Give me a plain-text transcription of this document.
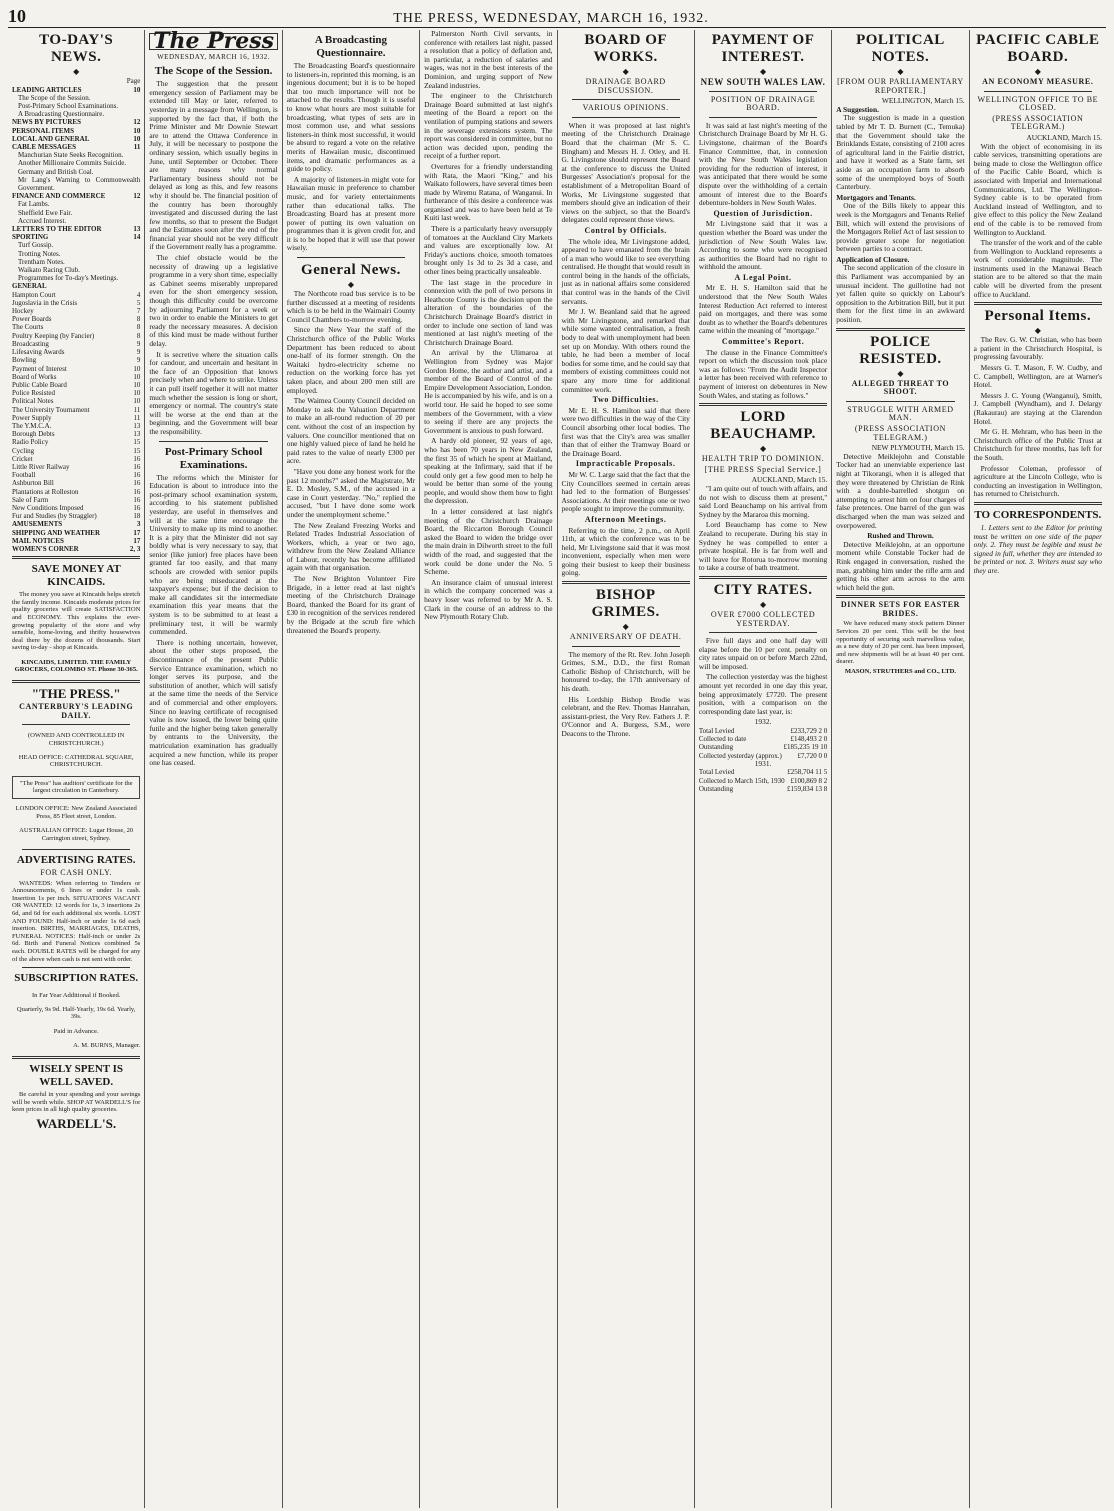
10	THE PRESS, WEDNESDAY, MARCH 16, 1932.
TO-DAY'S NEWS.
◆
Page
LEADING ARTICLES	10
The Scope of the Session.
Post-Primary School Examinations.
A Broadcasting Questionnaire.
NEWS BY PICTURES	12
PERSONAL ITEMS	10
LOCAL AND GENERAL	10
CABLE MESSAGES	11
Manchurian State Seeks Recognition.
Another Millionaire Commits Suicide.
Germany and British Coal.
Mr Lang's Warning to Commonwealth Government.
FINANCE AND COMMERCE	12
Fat Lambs.
Sheffield Ewe Fair.
Accrued Interest.
LETTERS TO THE EDITOR	13
SPORTING	14
Turf Gossip.
Trotting Notes.
Trentham Notes.
Waikato Racing Club.
Programmes for To-day's Meetings.
GENERAL
Hampton Court	4
Jugoslavia in the Crisis	5
Hockey	7
Power Boards	8
The Courts	8
Poultry Keeping (by Fancier)	8
Broadcasting	9
Lifesaving Awards	9
Bowling	9
Payment of Interest	10
Board of Works	10
Public Cable Board	10
Police Resisted	10
Political Notes	10
The University Tournament	11
Power Supply	11
The Y.M.C.A.	13
Borough Debts	13
Radio Policy	15
Cycling	15
Cricket	16
Little River Railway	16
Football	16
Ashburton Bill	16
Plantations at Rolleston	16
Sale of Farm	16
New Conditions Imposed	16
Fur and Studies (by Straggler)	18
AMUSEMENTS	3
SHIPPING AND WEATHER	17
MAIL NOTICES	17
WOMEN'S CORNER	2, 3
SAVE MONEY AT KINCAIDS.

The money you save at Kincaids helps stretch the family income. Kincaids moderate prices for quality groceries will create SATISFACTION and ECONOMY. This explains the ever-growing popularity of the store and why sensible, home-loving, and thrifty housewives deal there by the dozens of thousands. Start saving to-day - shop at Kincaids.

KINCAIDS, LIMITED. THE FAMILY GROCERS, COLOMBO ST. Phone 30-365.

"THE PRESS."
CANTERBURY'S LEADING DAILY.

(OWNED AND CONTROLLED IN CHRISTCHURCH.)

HEAD OFFICE: CATHEDRAL SQUARE, CHRISTCHURCH.

"The Press" has auditors' certificate for the largest circulation in Canterbury.

LONDON OFFICE: New Zealand Associated Press, 85 Fleet street, London.

AUSTRALIAN OFFICE: Lugar House, 20 Carrington street, Sydney.

ADVERTISING RATES.
FOR CASH ONLY.

WANTEDS: When referring to Tenders or Announcements, 6 lines or under 1s cash. Insertion 1s per inch. SITUATIONS VACANT OR WANTED: 12 words for 1s, 3 insertions 2s 6d, and 6d for each additional six words. LOST AND FOUND: Half-inch or under 1s 6d each insertion. BIRTHS, MARRIAGES, DEATHS, FUNERAL NOTICES: Half-inch or under 2s 6d. Birth and Funeral Notices combined 5s each. DOUBLE RATES will be charged for any of the above when cash is not sent with order.

SUBSCRIPTION RATES.

In Far Year Additional if Booked.

Quarterly, 9s 9d. Half-Yearly, 19s 6d. Yearly, 39s.

Paid in Advance.

A. M. BURNS, Manager.

WISELY SPENT IS WELL SAVED.

Be careful in your spending and your savings will be worth while. SHOP AT WARDELL'S for keen prices in all high quality groceries.

WARDELL'S.
The Press
WEDNESDAY, MARCH 16, 1932.
The Scope of the Session.

The suggestion that the present emergency session of Parliament may be extended till May or later, referred to yesterday in a message from Wellington, is supported by the fact that, if both the Prime Minister and Mr Downie Stewart are to attend the Ottawa Conference in July, it will be necessary to postpone the ordinary session, which usually begins in June, until September or October. There are many reasons why normal Parliamentary business should not be delayed as long as this, and few reasons why it should be. The financial position of the country has been thoroughly investigated and discussed during the last few months, so that to present the Budget and the Estimates soon after the end of the financial year should not be very difficult if the Government really has a programme.

The chief obstacle would be the necessity of drawing up a legislative programme in a very short time, especially as Cabinet seems miserably unprepared even for the short emergency session, though this difficulty could be overcome by adjourning Parliament for a week or two in order to enable the Ministers to get ready the necessary measures. A decision of this kind must be made without further delay.

It is secretive where the situation calls for candour, and uncertain and hesitant in the face of an Opposition that knows precisely when and where to strike. Unless it can pull itself together it will not matter much whether the session is long or short, emergency or normal. The country's state will be worse at the end than at the beginning, and the Government will bear the responsibility.

Post-Primary School Examinations.

The reforms which the Minister for Education is about to introduce into the post-primary school examination system, according to his statement published yesterday, are useful in themselves and will at the same time encourage the University to make up its mind to another. It is a pity that the Minister did not say boldly what is very necessary to say, that senior (like junior) free places have been granted far too easily, and that many schools are crowded with senior pupils who are being miseducated at the taxpayer's expense; but if the decision to make all candidates sit the intermediate examination this year means that the system is to be submitted to at least a preliminary test, it will be warmly commended.

There is nothing uncertain, however, about the other steps proposed, the discontinuance of the present Public Service Entrance examination, which no longer serves its purpose, and the substitution of another, which will satisfy at the same time the needs of the Service and of commercial and other employers. Since no leaving certificate of recognised value is now issued, the lower being quite futile and the higher being taken generally by entrants to the University, the matriculation examination has gradually acquired a new function, while its proper one has ceased.

A Broadcasting Questionnaire.

The Broadcasting Board's questionnaire to listeners-in, reprinted this morning, is an ingenious document; but it is to be hoped that too much importance will not be attached to the results. Though it is useful to know what hours are most suitable for broadcasting, what types of sets are in most common use, and what sessions listeners-in think most successful, it would be absurd to regard a vote on the relative merits of Hawaiian music, discontinued items, and dramatic performances as a guide to policy.

A majority of listeners-in might vote for Hawaiian music in preference to chamber music, and for variety entertainments rather than educational talks. The Broadcasting Board has at present more power of putting its own valuation on programmes than it is given credit for, and it is to be hoped that it will use that power wisely.

General News.
◆

The Northcote road bus service is to be further discussed at a meeting of residents which is to be held in the Waimairi County Council Chambers to-morrow evening.

Since the New Year the staff of the Christchurch office of the Public Works Department has been reduced to about one-half of its former strength. On the Waitaki hydro-electricity scheme no reduction on the working force has yet taken place, and about 200 men still are employed.

The Waimea County Council decided on Monday to ask the Valuation Department to make an all-round reduction of 20 per cent. without the cost of an inspection by valuers. One councillor mentioned that on one highly valued piece of land he held he paid rates to the value of nearly £300 per acre.

"Have you done any honest work for the past 12 months?" asked the Magistrate, Mr E. D. Mosley, S.M., of the accused in a case in Court yesterday. "No," replied the accused, "but I have done some work under the unemployment scheme."

The New Zealand Freezing Works and Related Trades Industrial Association of Workers, which, a year or two ago, withdrew from the New Zealand Alliance of Labour, recently has become affiliated again with that organisation.

The New Brighton Volunteer Fire Brigade, in a letter read at last night's meeting of the Christchurch Drainage Board, thanked the Board for its grant of £30 in recognition of the services rendered by the Brigade at the scrub fire which threatened the Board's property.

Palmerston North Civil servants, in conference with retailers last night, passed a resolution that a policy of deflation and, in particular, a reduction of salaries and wages, was not in the best interests of the Dominion, and urging support of New Zealand industries.

The engineer to the Christchurch Drainage Board submitted at last night's meeting of the Board a report on the ventilation of pumping stations and sewers in the sewerage extensions system. The report was considered in committee, but no action was decided upon, pending the receipt of a further report.

Overtures for a friendly understanding with Rata, the Maori "King," and his Waikato followers, have several times been made by Wiremu Ratana, of Wanganui. In furtherance of this desire a conference was organised and was to have been held at Te Kuiti last week.

There is a particularly heavy oversupply of tomatoes at the Auckland City Markets and values are exceptionally low. At Friday's auctions choice, smooth tomatoes brought only 1s 3d to 2s 3d a case, and other lines being practically unsaleable.

The last stage in the procedure in connexion with the poll of two persons in Heathcote County is the decision upon the alteration of the boundaries of the Christchurch Drainage Board's district in order to include one section of land was mentioned at last night's meeting of the Christchurch Drainage Board.

An arrival by the Ulimaroa at Wellington from Sydney was Major Gordon Home, the author and artist, and a member of the Board of Control of the Empire Development Association, London. He is accompanied by his wife, and is on a world tour. He said he hoped to see some members of the Government, with a view to seeing if there are any projects the Government is anxious to push forward.

A hardy old pioneer, 92 years of age, who has been 70 years in New Zealand, the first 35 of which he spent at Maitland, speaking at the Infirmary, said that if he could only get a few good men to help he would be better than some of the young people, and would show them how to fight the depression.

In a letter considered at last night's meeting of the Christchurch Drainage Board, the Riccarton Borough Council asked the Board to widen the bridge over the main drain in Dilworth street to the full width of the road, and suggested that the work could be done under the No. 5 Scheme.

An insurance claim of unusual interest in which the company concerned was a heavy loser was referred to by Mr A. S. Clark in the course of an address to the New Plymouth Rotary Club.

BOARD OF WORKS.
◆
DRAINAGE BOARD DISCUSSION.
VARIOUS OPINIONS.

When it was proposed at last night's meeting of the Christchurch Drainage Board that the chairman (Mr S. C. Bingham) and Messrs H. J. Otley, and H. G. Livingstone should represent the Board at the conference to discuss the United Burgesses' Association's proposal for the establishment of a Metropolitan Board of Works, Mr Livingstone suggested that members should give an indication of their views on the subject, so that the Board's delegates could represent those views.

Control by Officials.

The whole idea, Mr Livingstone added, appeared to have emanated from the brain of a man who would like to see everything centralised. He thought that would result in control being in the hands of the officials, just as in national affairs some considered that control was in the hands of the Civil servants.

Mr J. W. Beanland said that he agreed with Mr Livingstone, and remarked that while some wanted centralisation, a fresh body to deal with unemployment had been set up on Monday. With others round the table, he had been a member of local bodies for some time, and he could say that members of existing committees could not spare any more time for additional committee work.

Two Difficulties.

Mr E. H. S. Hamilton said that there were two difficulties in the way of the City Council absorbing other local bodies. The first was that the City's area was smaller than that of either the Tramway Board or the Drainage Board.

Impracticable Proposals.

Mr W. C. Large said that the fact that the City Councillors seemed in certain areas had led to the formation of Burgesses' Associations. At their meetings one or two people sought to improve the community.

Afternoon Meetings.

Referring to the time, 2 p.m., on April 11th, at which the conference was to be held, Mr Livingstone said that it was most inconvenient, especially when men were going their busiest to keep their business going.

BISHOP GRIMES.
◆
ANNIVERSARY OF DEATH.

The memory of the Rt. Rev. John Joseph Grimes, S.M., D.D., the first Roman Catholic Bishop of Christchurch, will be honoured to-day, the 17th anniversary of his death.

His Lordship Bishop Brodie was celebrant, and the Rev. Thomas Hanrahan, assistant-priest, the Very Rev. Fathers J. P. O'Connor and A. Burgess, S.M., were Deacons to the Throne.

PAYMENT OF INTEREST.
◆
NEW SOUTH WALES LAW.
POSITION OF DRAINAGE BOARD.

It was said at last night's meeting of the Christchurch Drainage Board by Mr H. G. Livingstone, chairman of the Board's Finance Committee, that, in connexion with the New South Wales legislation providing for the reduction of interest, it was anticipated that there would be some dispute over the withholding of a certain amount of interest due to the Board's debenture-holders in New South Wales.

Question of Jurisdiction.

Mr Livingstone said that it was a question whether the Board was under the jurisdiction of New South Wales law. According to some who were recognised as authorities the Board had no right to withhold the amount.

A Legal Point.

Mr E. H. S. Hamilton said that he understood that the New South Wales Interest Reduction Act referred to interest paid on mortgages, and there was some doubt as to whether the Board's debentures came within the meaning of "mortgage."

Committee's Report.

The clause in the Finance Committee's report on which the discussion took place was as follows: "From the Audit Inspector a letter has been received with reference to payment of interest on debentures in New South Wales, and stating as follows."

LORD BEAUCHAMP.
◆
HEALTH TRIP TO DOMINION.
[THE PRESS Special Service.]
AUCKLAND, March 15.

"I am quite out of touch with affairs, and do not wish to discuss them at present," said Lord Beauchamp on his arrival from Sydney by the Mararoa this morning.

Lord Beauchamp has come to New Zealand to recuperate. During his stay in Sydney he was compelled to enter a private hospital. He is far from well and will leave for Rotorua to-morrow morning to take a course of bath treatment.

CITY RATES.
◆
OVER £7000 COLLECTED YESTERDAY.

Five full days and one half day will elapse before the 10 per cent. penalty on city rates unpaid on or before March 22nd, will be imposed.

The collection yesterday was the highest amount yet recorded in one day this year, being approximately £7720. The present position, with a comparison on the corresponding date last year, is:

1932.
Total Levied	£233,729 2 0
Collected to date	£148,493 2 0
Outstanding	£185,235 19 10
Collected yesterday (approx.) £7,720 0 0
1931.
Total Levied	£258,704 11 5
Collected to March 15th, 1930 £100,869 8 2
Outstanding	£159,834 13 8
POLITICAL NOTES.
◆
[FROM OUR PARLIAMENTARY REPORTER.]
WELLINGTON, March 15.
A Suggestion.

The suggestion is made in a question tabled by Mr T. D. Burnett (C., Temuka) that the Government should take the Brinklands Estate, consisting of 2100 acres of agricultural land in the Fairlie district, and have it worked as a State farm, set aside as an occupation farm to absorb some of the unemployed boys of South Canterbury.

Mortgagors and Tenants.

One of the Bills likely to appear this week is the Mortgagors and Tenants Relief Bill, which will extend the provisions of the Mortgagors Relief Act of last session to provide greater scope for negotiation between parties to a contract.

Application of Closure.

The second application of the closure in this Parliament was accompanied by an unusual incident. The guillotine had not yet fallen quite so quickly on Labour's opposition to the Arbitration Bill, but it put them for the first time in an awkward position.

POLICE RESISTED.
◆
ALLEGED THREAT TO SHOOT.
STRUGGLE WITH ARMED MAN.
(PRESS ASSOCIATION TELEGRAM.)
NEW PLYMOUTH, March 15.

Detective Meiklejohn and Constable Tocker had an unenviable experience last night at Tikorangi, when it is alleged that they were threatened by Christian de Rink with a double-barrelled shotgun on attempting to arrest him on four charges of false pretences. One barrel of the gun was discharged when the man was seized and overpowered.

Rushed and Thrown.

Detective Meiklejohn, at an opportune moment while Constable Tocker had de Rink engaged in conversation, rushed the man, grabbing him under the rifle arm and getting his other arm across to the arm which held the gun.

DINNER SETS FOR EASTER BRIDES.

We have reduced many stock pattern Dinner Services 20 per cent. This will be the best opportunity of securing such marvellous value, as a new duty of 20 per cent. has been imposed, and new shipments will be at least 40 per cent. dearer.

MASON, STRUTHERS and CO., LTD.
PACIFIC CABLE BOARD.
◆
AN ECONOMY MEASURE.
WELLINGTON OFFICE TO BE CLOSED.
(PRESS ASSOCIATION TELEGRAM.)
AUCKLAND, March 15.

With the object of economising in its cable services, transmitting operations are being made to close the Wellington office of the Pacific Cable Board, which is associated with Imperial and International Communications, Ltd. The Wellington-Sydney cable is to be operated from Auckland instead of Wellington, and to give effect to this policy the New Zealand end of the cable is to be removed from Wellington to Auckland.

The transfer of the work and of the cable from Wellington to Auckland represents a work of considerable magnitude. The instruments used in the Manawai Beach station are to be altered so that the main cable will be diverted from the present office to Auckland.

Personal Items.
◆

The Rev. G. W. Christian, who has been a patient in the Christchurch Hospital, is progressing favourably.

Messrs G. T. Mason, F. W. Cudby, and C. Campbell, Wellington, are at Warner's Hotel.

Messrs J. C. Young (Wanganui), Smith, J. Campbell (Wyndham), and J. Delargy (Rakaurau) are staying at the Clarendon Hotel.

Mr G. H. Mehram, who has been in the Christchurch office of the Public Trust at Christchurch for three months, has left for the South.

Professor Coleman, professor of agriculture at the Lincoln College, who is conducting an investigation in Wellington, has returned to Christchurch.

TO CORRESPONDENTS.

1. Letters sent to the Editor for printing must be written on one side of the paper only. 2. They must be legible and must be signed in full, whether they are intended to be printed or not. 3. Writers must say who they are.
